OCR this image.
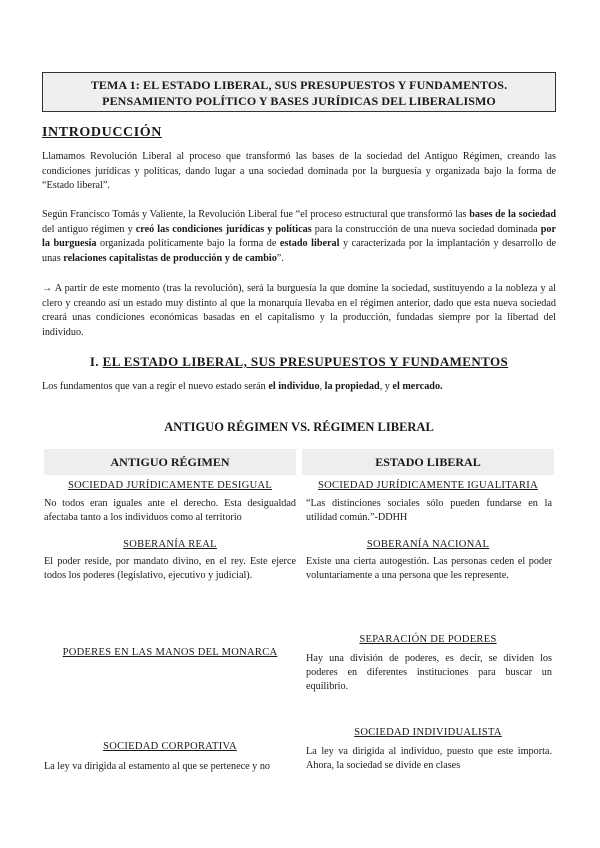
TEMA 1: EL ESTADO LIBERAL, SUS PRESUPUESTOS Y FUNDAMENTOS.
PENSAMIENTO POLÍTICO Y BASES JURÍDICAS DEL LIBERALISMO
INTRODUCCIÓN
Llamamos Revolución Liberal al proceso que transformó las bases de la sociedad del Antiguo Régimen, creando las condiciones jurídicas y políticas, dando lugar a una sociedad dominada por la burguesía y organizada bajo la forma de “Estado liberal”.
Según Francisco Tomás y Valiente, la Revolución Liberal fue “el proceso estructural que transformó las bases de la sociedad del antiguo régimen y creó las condiciones jurídicas y políticas para la construcción de una nueva sociedad dominada por la burguesía organizada políticamente bajo la forma de estado liberal y caracterizada por la implantación y desarrollo de unas relaciones capitalistas de producción y de cambio”.
→ A partir de este momento (tras la revolución), será la burguesía la que domine la sociedad, sustituyendo a la nobleza y al clero y creando así un estado muy distinto al que la monarquía llevaba en el régimen anterior, dado que esta nueva sociedad creará unas condiciones económicas basadas en el capitalismo y la producción, fundadas siempre por la libertad del individuo.
I. EL ESTADO LIBERAL, SUS PRESUPUESTOS Y FUNDAMENTOS
Los fundamentos que van a regir el nuevo estado serán el individuo, la propiedad, y el mercado.
ANTIGUO RÉGIMEN VS. RÉGIMEN LIBERAL
ANTIGUO RÉGIMEN	ESTADO LIBERAL
SOCIEDAD JURÍDICAMENTE DESIGUAL
No todos eran iguales ante el derecho. Esta desigualdad afectaba tanto a los individuos como al territorio
SOBERANÍA REAL
El poder reside, por mandato divino, en el rey. Este ejerce todos los poderes (legislativo, ejecutivo y judicial).
PODERES EN LAS MANOS DEL MONARCA
SOCIEDAD CORPORATIVA
La ley va dirigida al estamento al que se pertenece y no
SOCIEDAD JURÍDICAMENTE IGUALITARIA
“Las distinciones sociales sólo pueden fundarse en la utilidad común.”-DDHH
SOBERANÍA NACIONAL
Existe una cierta autogestión. Las personas ceden el poder voluntariamente a una persona que les represente.
SEPARACIÓN DE PODERES
Hay una división de poderes, es decir, se dividen los poderes en diferentes instituciones para buscar un equilibrio.
SOCIEDAD INDIVIDUALISTA
La ley va dirigida al individuo, puesto que este importa. Ahora, la sociedad se divide en clases
